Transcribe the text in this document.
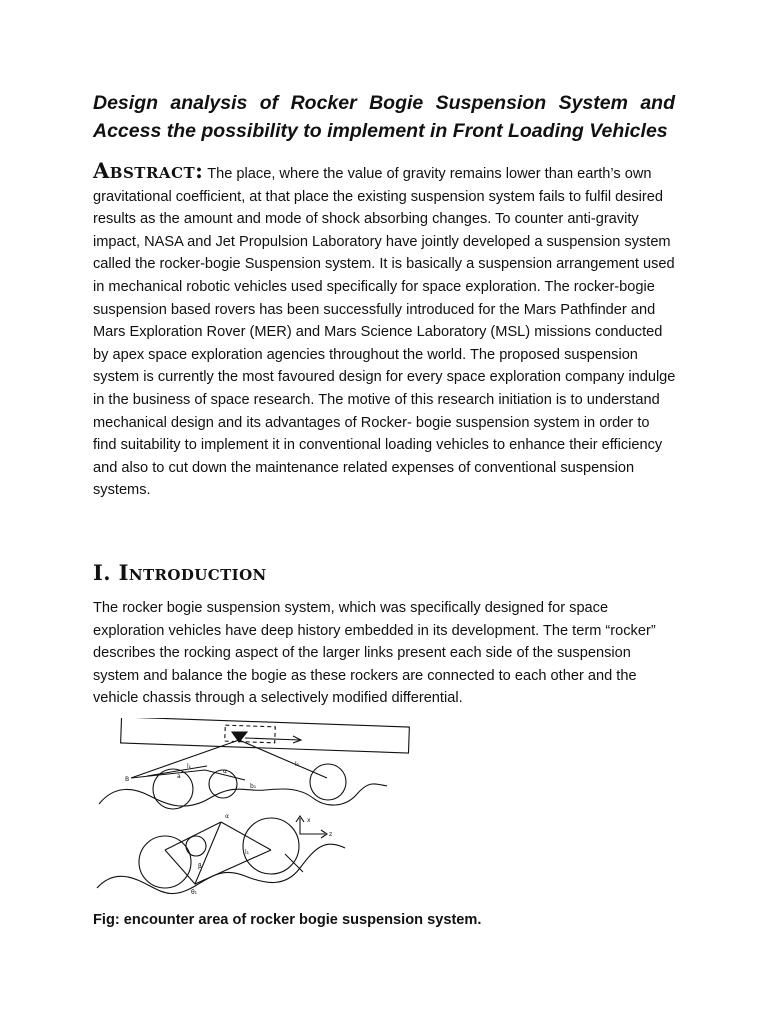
Design analysis of Rocker Bogie Suspension System and Access the possibility to implement in Front Loading Vehicles

Abstract: The place, where the value of gravity remains lower than earth’s own gravitational coefficient, at that place the existing suspension system fails to fulfil desired results as the amount and mode of shock absorbing changes. To counter anti-gravity impact, NASA and Jet Propulsion Laboratory have jointly developed a suspension system called the rocker-bogie Suspension system. It is basically a suspension arrangement used in mechanical robotic vehicles used specifically for space exploration. The rocker-bogie suspension based rovers has been successfully introduced for the Mars Pathfinder and Mars Exploration Rover (MER) and Mars Science Laboratory (MSL) missions conducted by apex space exploration agencies throughout the world. The proposed suspension system is currently the most favoured design for every space exploration company indulge in the business of space research. The motive of this research initiation is to understand mechanical design and its advantages of Rocker- bogie suspension system in order to find suitability to implement it in conventional loading vehicles to enhance their efficiency and also to cut down the maintenance related expenses of conventional suspension systems.

I. Introduction

The rocker bogie suspension system, which was specifically designed for space exploration vehicles have deep history embedded in its development. The term “rocker” describes the rocking aspect of the larger links present each side of the suspension system and balance the bogie as these rockers are connected to each other and the vehicle chassis through a selectively modified differential.

B	a
l₁	l₂
α
b₁
x
z
α
β
l₁
θ₁

Fig: encounter area of rocker bogie suspension system.
